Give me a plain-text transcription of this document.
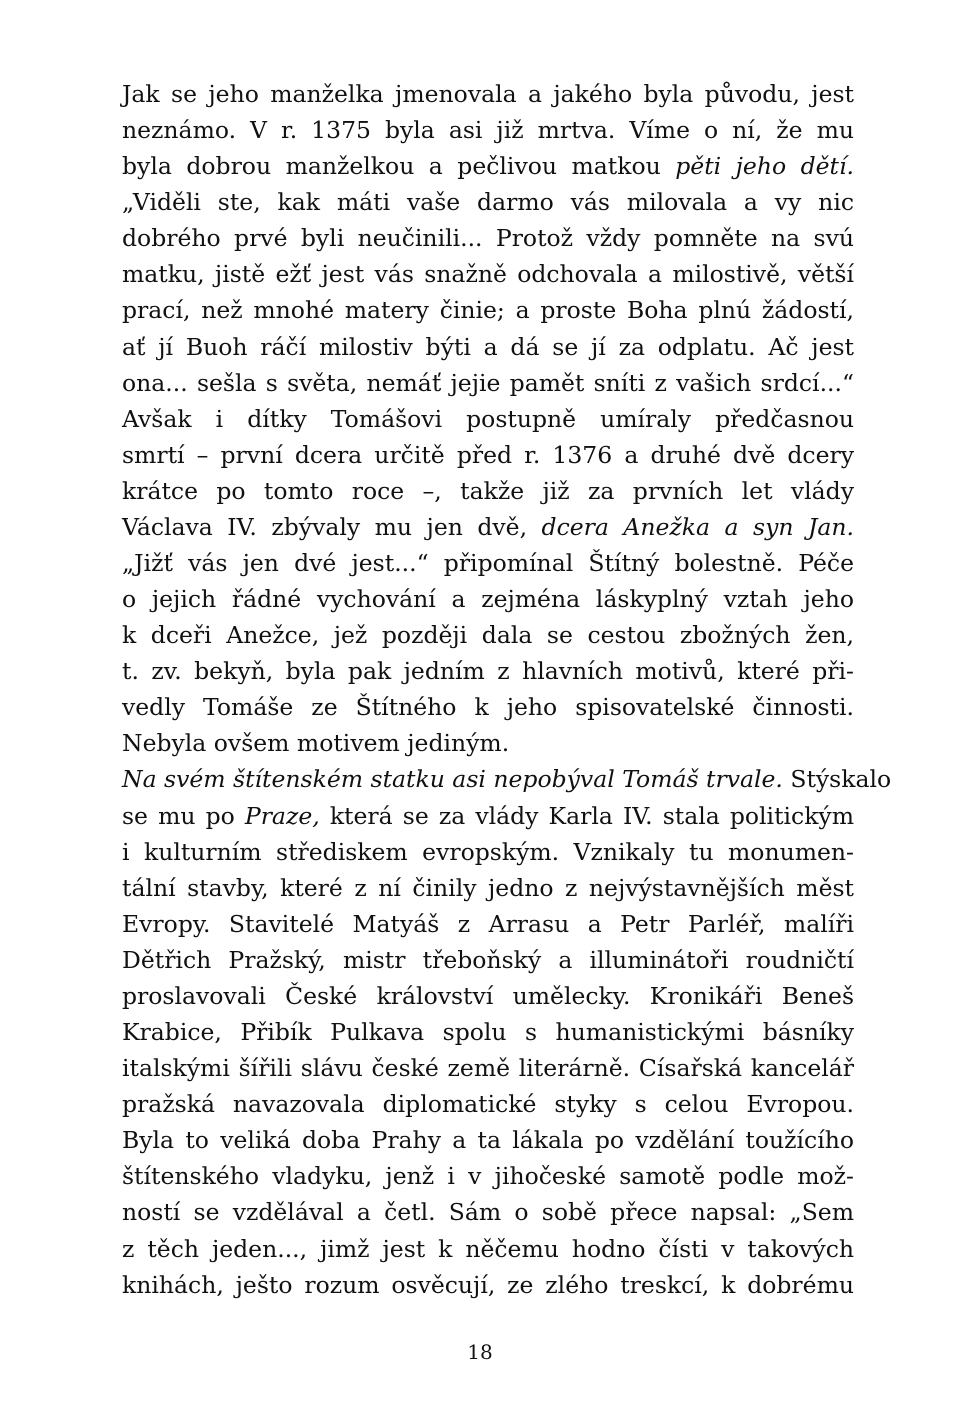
Jak se jeho manželka jmenovala a jakého byla původu, jest
neznámo. V r. 1375 byla asi již mrtva. Víme o ní, že mu
byla dobrou manželkou a pečlivou matkou pěti jeho dětí.
„Viděli ste, kak máti vaše darmo vás milovala a vy nic
dobrého prvé byli neučinili... Protož vždy pomněte na svú
matku, jistě ežť jest vás snažně odchovala a milostivě, větší
prací, než mnohé matery činie; a proste Boha plnú žádostí,
ať jí Buoh ráčí milostiv býti a dá se jí za odplatu. Ač jest
ona... sešla s světa, nemáť jejie pamět sníti z vašich srdcí...“
Avšak i dítky Tomášovi postupně umíraly předčasnou
smrtí – první dcera určitě před r. 1376 a druhé dvě dcery
krátce po tomto roce –, takže již za prvních let vlády
Václava IV. zbývaly mu jen dvě, dcera Anežka a syn Jan.
„Jižť vás jen dvé jest...“ připomínal Štítný bolestně. Péče
o jejich řádné vychování a zejména láskyplný vztah jeho
k dceři Anežce, jež později dala se cestou zbožných žen,
t. zv. bekyň, byla pak jedním z hlavních motivů, které při-
vedly Tomáše ze Štítného k jeho spisovatelské činnosti.
Nebyla ovšem motivem jediným.
Na svém štítenském statku asi nepobýval Tomáš trvale. Stýskalo
se mu po Praze, která se za vlády Karla IV. stala politickým
i kulturním střediskem evropským. Vznikaly tu monumen-
tální stavby, které z ní činily jedno z nejvýstavnějších měst
Evropy. Stavitelé Matyáš z Arrasu a Petr Parléř, malíři
Dětřich Pražský, mistr třeboňský a illuminátoři roudničtí
proslavovali České království umělecky. Kronikáři Beneš
Krabice, Přibík Pulkava spolu s humanistickými básníky
italskými šířili slávu české země literárně. Císařská kancelář
pražská navazovala diplomatické styky s celou Evropou.
Byla to veliká doba Prahy a ta lákala po vzdělání toužícího
štítenského vladyku, jenž i v jihočeské samotě podle mož-
ností se vzdělával a četl. Sám o sobě přece napsal: „Sem
z těch jeden..., jimž jest k něčemu hodno čísti v takových
knihách, ješto rozum osvěcují, ze zlého treskcí, k dobrému
18
